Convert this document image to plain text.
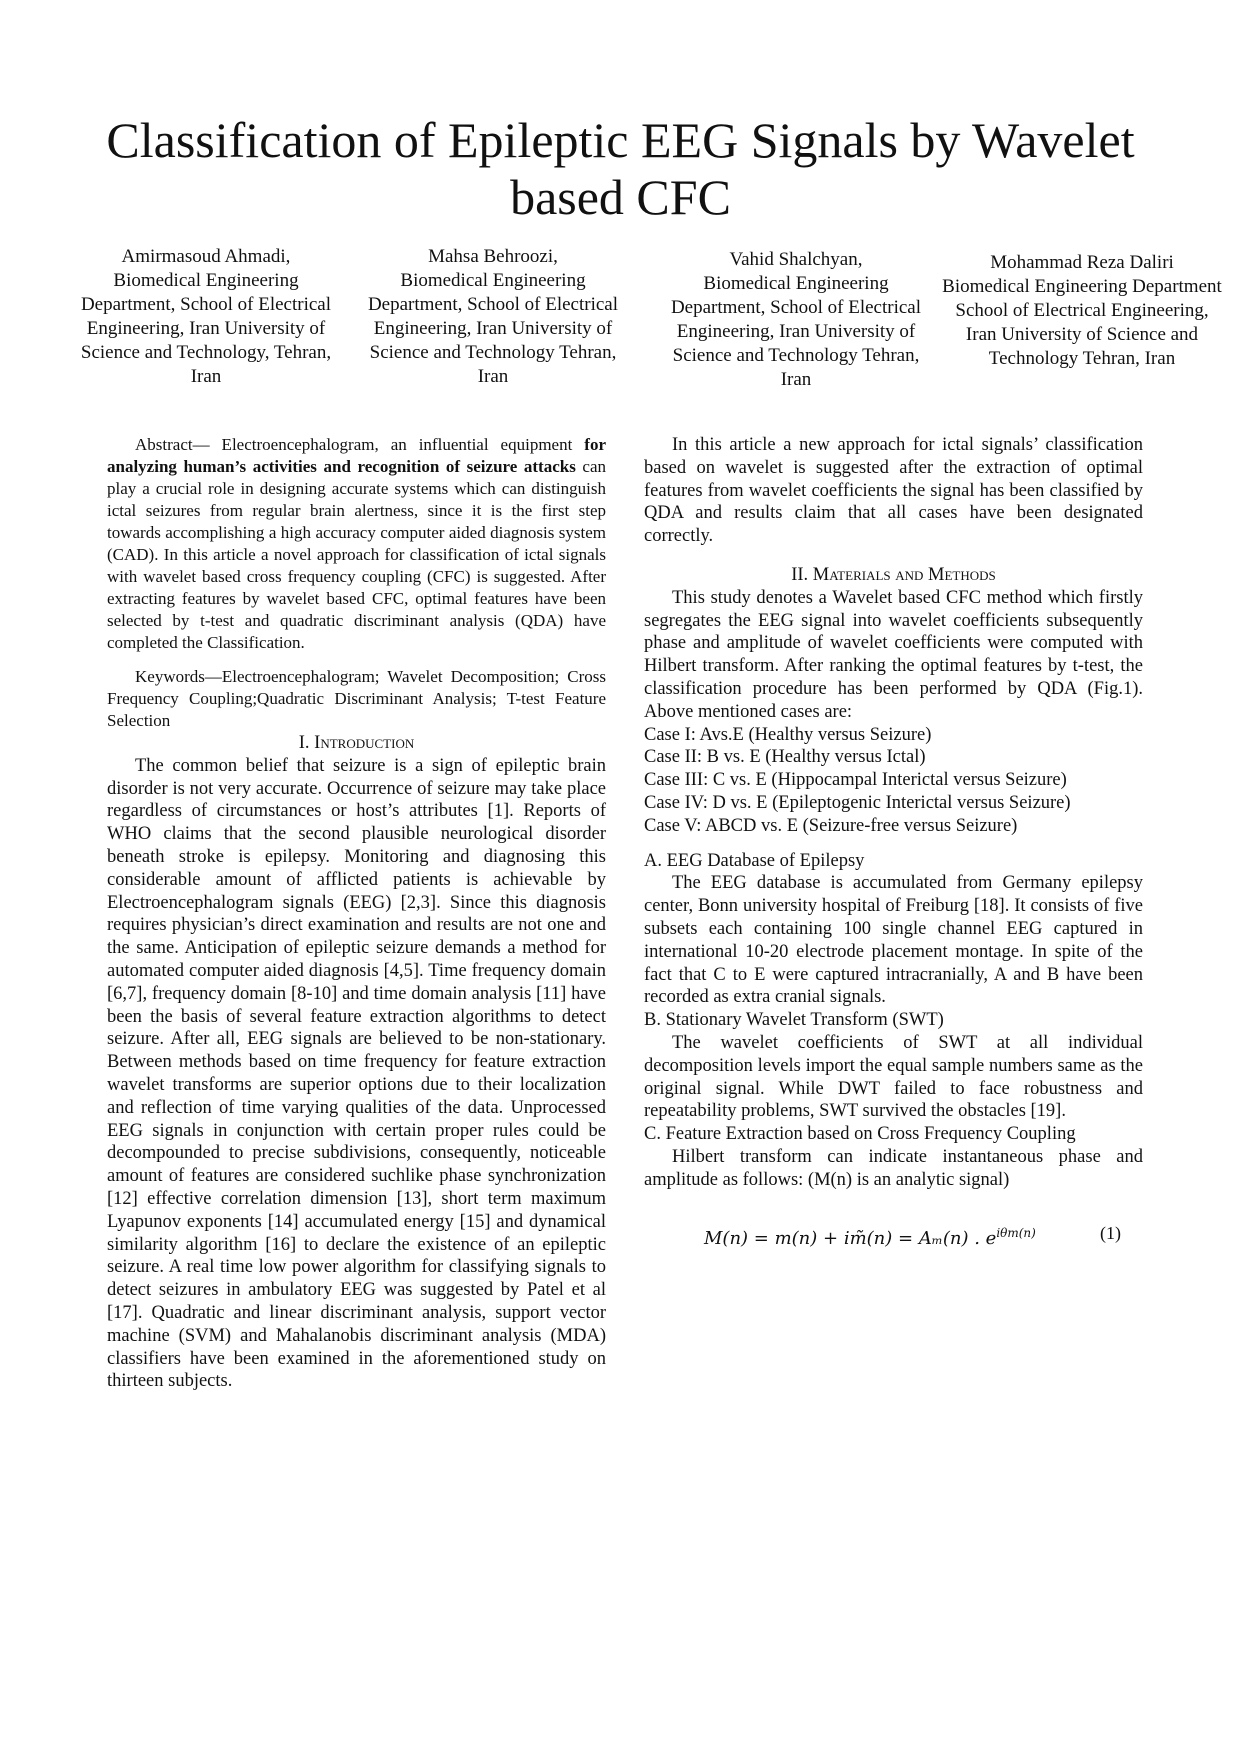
Classification of Epileptic EEG Signals by Wavelet based CFC
Amirmasoud Ahmadi,
Biomedical Engineering Department, School of Electrical Engineering, Iran University of Science and Technology, Tehran, Iran
Mahsa Behroozi,
Biomedical Engineering Department, School of Electrical Engineering, Iran University of Science and Technology Tehran, Iran
Vahid Shalchyan,
Biomedical Engineering Department, School of Electrical Engineering, Iran University of Science and Technology Tehran, Iran
Mohammad Reza Daliri
Biomedical Engineering Department School of Electrical Engineering, Iran University of Science and Technology Tehran, Iran

Abstract— Electroencephalogram, an influential equipment for analyzing human’s activities and recognition of seizure attacks can play a crucial role in designing accurate systems which can distinguish ictal seizures from regular brain alertness, since it is the first step towards accomplishing a high accuracy computer aided diagnosis system (CAD). In this article a novel approach for classification of ictal signals with wavelet based cross frequency coupling (CFC) is suggested. After extracting features by wavelet based CFC, optimal features have been selected by t-test and quadratic discriminant analysis (QDA) have completed the Classification.

Keywords—Electroencephalogram; Wavelet Decomposition; Cross Frequency Coupling;Quadratic Discriminant Analysis; T-test Feature Selection

I. Introduction

The common belief that seizure is a sign of epileptic brain disorder is not very accurate. Occurrence of seizure may take place regardless of circumstances or host’s attributes [1]. Reports of WHO claims that the second plausible neurological disorder beneath stroke is epilepsy. Monitoring and diagnosing this considerable amount of afflicted patients is achievable by Electroencephalogram signals (EEG) [2,3]. Since this diagnosis requires physician’s direct examination and results are not one and the same. Anticipation of epileptic seizure demands a method for automated computer aided diagnosis [4,5]. Time frequency domain [6,7], frequency domain [8-10] and time domain analysis [11] have been the basis of several feature extraction algorithms to detect seizure. After all, EEG signals are believed to be non-stationary. Between methods based on time frequency for feature extraction wavelet transforms are superior options due to their localization and reflection of time varying qualities of the data. Unprocessed EEG signals in conjunction with certain proper rules could be decompounded to precise subdivisions, consequently, noticeable amount of features are considered suchlike phase synchronization [12] effective correlation dimension [13], short term maximum Lyapunov exponents [14] accumulated energy [15] and dynamical similarity algorithm [16] to declare the existence of an epileptic seizure. A real time low power algorithm for classifying signals to detect seizures in ambulatory EEG was suggested by Patel et al [17]. Quadratic and linear discriminant analysis, support vector machine (SVM) and Mahalanobis discriminant analysis (MDA) classifiers have been examined in the aforementioned study on thirteen subjects.

In this article a new approach for ictal signals’ classification based on wavelet is suggested after the extraction of optimal features from wavelet coefficients the signal has been classified by QDA and results claim that all cases have been designated correctly.

II. Materials and Methods

This study denotes a Wavelet based CFC method which firstly segregates the EEG signal into wavelet coefficients subsequently phase and amplitude of wavelet coefficients were computed with Hilbert transform. After ranking the optimal features by t-test, the classification procedure has been performed by QDA (Fig.1). Above mentioned cases are:

Case I: Avs.E (Healthy versus Seizure)

Case II: B vs. E (Healthy versus Ictal)

Case III: C vs. E (Hippocampal Interictal versus Seizure)

Case IV: D vs. E (Epileptogenic Interictal versus Seizure)

Case V: ABCD vs. E (Seizure-free versus Seizure)

A. EEG Database of Epilepsy

The EEG database is accumulated from Germany epilepsy center, Bonn university hospital of Freiburg [18]. It consists of five subsets each containing 100 single channel EEG captured in international 10-20 electrode placement montage. In spite of the fact that C to E were captured intracranially, A and B have been recorded as extra cranial signals.

B. Stationary Wavelet Transform (SWT)

The wavelet coefficients of SWT at all individual decomposition levels import the equal sample numbers same as the original signal. While DWT failed to face robustness and repeatability problems, SWT survived the obstacles [19].

C. Feature Extraction based on Cross Frequency Coupling

Hilbert transform can indicate instantaneous phase and amplitude as follows: (M(n) is an analytic signal)

M(n) = m(n) + im̃(n) = Aₘ(n) . $e^{i\theta m(n)}$	(1)
